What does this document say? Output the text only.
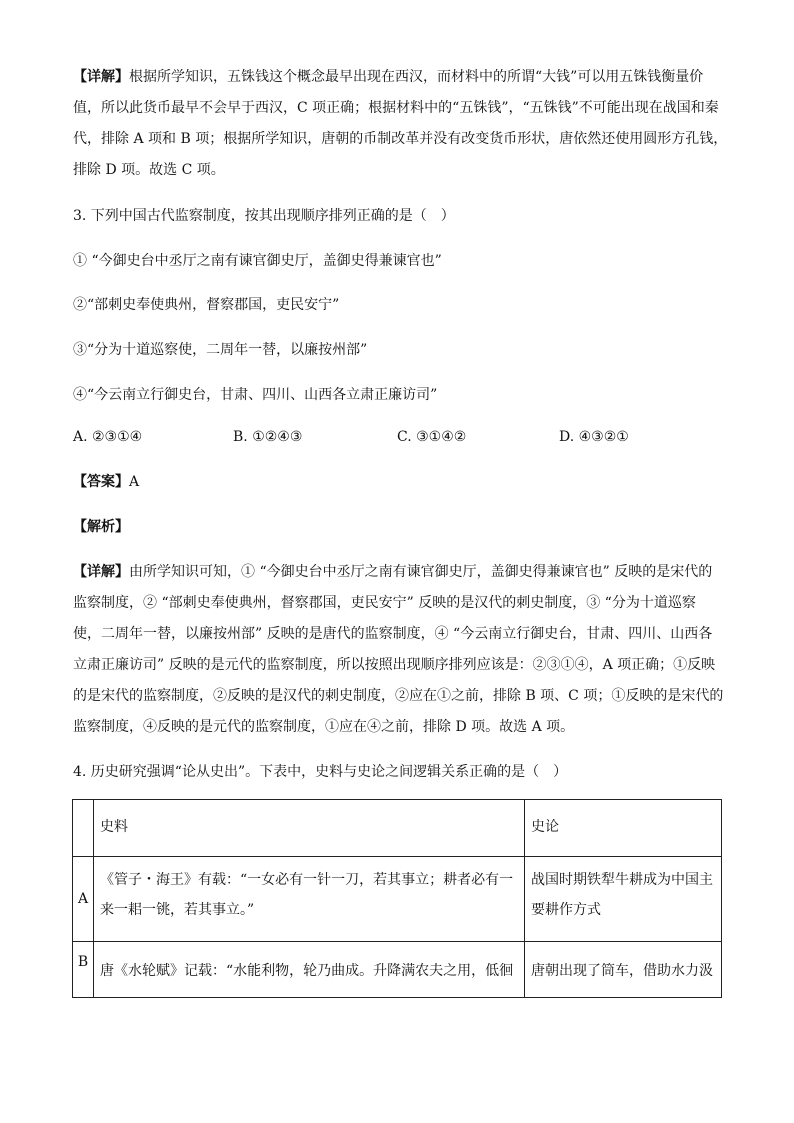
【详解】根据所学知识，五铢钱这个概念最早出现在西汉，而材料中的所谓“大钱”可以用五铢钱衡量价
值，所以此货币最早不会早于西汉，C 项正确；根据材料中的“五铢钱”，“五铢钱”不可能出现在战国和秦
代，排除 A 项和 B 项；根据所学知识，唐朝的币制改革并没有改变货币形状，唐依然还使用圆形方孔钱，
排除 D 项。故选 C 项。
3. 下列中国古代监察制度，按其出现顺序排列正确的是（　）
① “今御史台中丞厅之南有谏官御史厅，盖御史得兼谏官也”
②“部刺史奉使典州，督察郡国，吏民安宁”
③“分为十道巡察使，二周年一替，以廉按州部”
④“今云南立行御史台，甘肃、四川、山西各立肃正廉访司”
A. ②③①④	B. ①②④③	C. ③①④②	D. ④③②①
【答案】A
【解析】
【详解】由所学知识可知，① “今御史台中丞厅之南有谏官御史厅，盖御史得兼谏官也” 反映的是宋代的
监察制度，② “部刺史奉使典州，督察郡国，吏民安宁” 反映的是汉代的刺史制度，③ “分为十道巡察
使，二周年一替，以廉按州部” 反映的是唐代的监察制度，④ “今云南立行御史台，甘肃、四川、山西各
立肃正廉访司” 反映的是元代的监察制度，所以按照出现顺序排列应该是：②③①④，A 项正确；①反映
的是宋代的监察制度，②反映的是汉代的刺史制度，②应在①之前，排除 B 项、C 项；①反映的是宋代的
监察制度，④反映的是元代的监察制度，①应在④之前，排除 D 项。故选 A 项。
4. 历史研究强调“论从史出”。下表中，史料与史论之间逻辑关系正确的是（　）

	史料	史论

A	《管子・海王》有载：“一女必有一针一刀，若其事立；耕者必有一来一耜一铫，若其事立。”	战国时期铁犁牛耕成为中国主要耕作方式

B	唐《水轮赋》记载：“水能利物，轮乃曲成。升降满农夫之用，低徊	唐朝出现了筒车，借助水力汲
